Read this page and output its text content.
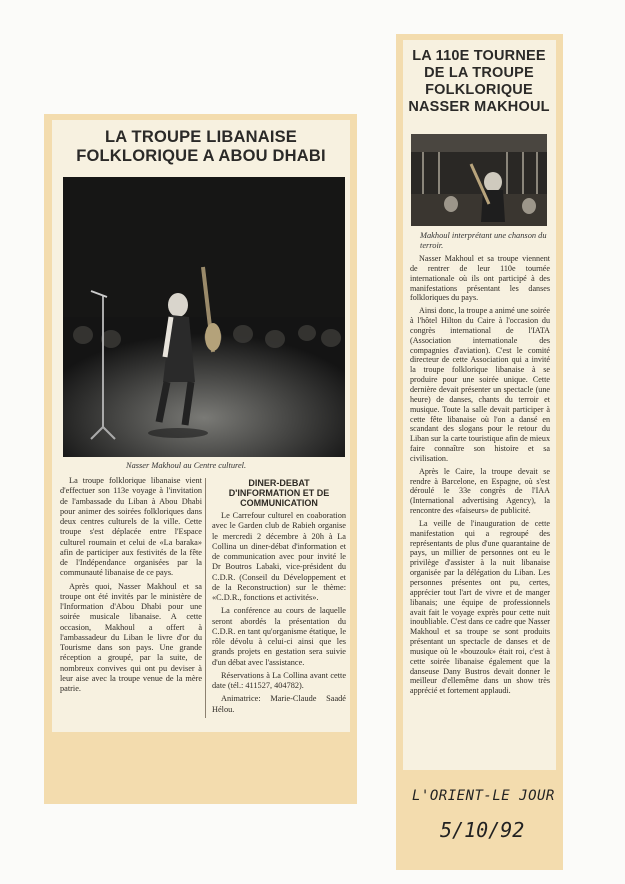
LA TROUPE LIBANAISE
FOLKLORIQUE A ABOU DHABI
Nasser Makhoul au Centre culturel.

La troupe folklorique libanaise vient d'effectuer son 113e voyage à l'invitation de l'ambassade du Liban à Abou Dhabi pour animer des soirées folkloriques dans deux centres culturels de la ville. Cette troupe s'est déplacée entre l'Espace culturel roumain et celui de «La baraka» afin de participer aux festivités de la fête de l'Indépendance organisées par la communauté libanaise de ce pays.

Après quoi, Nasser Makhoul et sa troupe ont été invités par le ministère de l'Information d'Abou Dhabi pour une soirée musicale libanaise. A cette occasion, Makhoul a offert à l'ambassadeur du Liban le livre d'or du Tourisme dans son pays. Une grande réception a groupé, par la suite, de nombreux convives qui ont pu deviser à leur aise avec la troupe venue de la mère patrie.

DINER-DEBAT D'INFORMATION ET DE COMMUNICATION

Le Carrefour culturel en coaboration avec le Garden club de Rabieh organise le mercredi 2 décembre à 20h à La Collina un diner-débat d'information et de communication avec pour invité le Dr Boutros Labaki, vice-président du C.D.R. (Conseil du Développement et de la Reconstruction) sur le thème: «C.D.R., fonctions et activités».

La conférence au cours de laquelle seront abordés la présentation du C.D.R. en tant qu'organisme étatique, le rôle dévolu à celui-ci ainsi que les grands projets en gestation sera suivie d'un débat avec l'assistance.

Réservations à La Collina avant cette date (tél.: 411527, 404782).

Animatrice: Marie-Claude Saadé Hélou.

LA 110E TOURNEE
DE LA TROUPE
FOLKLORIQUE
NASSER MAKHOUL
Makhoul interprétant une chanson du terroir.

Nasser Makhoul et sa troupe viennent de rentrer de leur 110e tournée internationale où ils ont participé à des manifestations présentant les danses folkloriques du pays.

Ainsi donc, la troupe a animé une soirée à l'hôtel Hilton du Caire à l'occasion du congrès international de l'IATA (Association internationale des compagnies d'aviation). C'est le comité directeur de cette Association qui a invité la troupe folklorique libanaise à se produire pour une soirée unique. Cette dernière devait présenter un spectacle (une heure) de danses, chants du terroir et musique. Toute la salle devait participer à cette fête libanaise où l'on a dansé en scandant des slogans pour le retour du Liban sur la carte touristique afin de mieux faire connaître son histoire et sa civilisation.

Après le Caire, la troupe devait se rendre à Barcelone, en Espagne, où s'est déroulé le 33e congrès de l'IAA (International advertising Agency), la rencontre des «faiseurs» de publicité.

La veille de l'inauguration de cette manifestation qui a regroupé des représentants de plus d'une quarantaine de pays, un millier de personnes ont eu le privilège d'assister à la nuit libanaise organisée par la délégation du Liban. Les personnes présentes ont pu, certes, apprécier tout l'art de vivre et de manger libanais; une équipe de professionnels avait fait le voyage exprès pour cette nuit inoubliable. C'est dans ce cadre que Nasser Makhoul et sa troupe se sont produits présentant un spectacle de danses et de musique où le «bouzouk» était roi, c'est à cette soirée libanaise également que la danseuse Dany Bustros devait donner le meilleur d'ellemême dans un show très apprécié et fortement applaudi.

L'ORIENT-LE JOUR
5/10/92
